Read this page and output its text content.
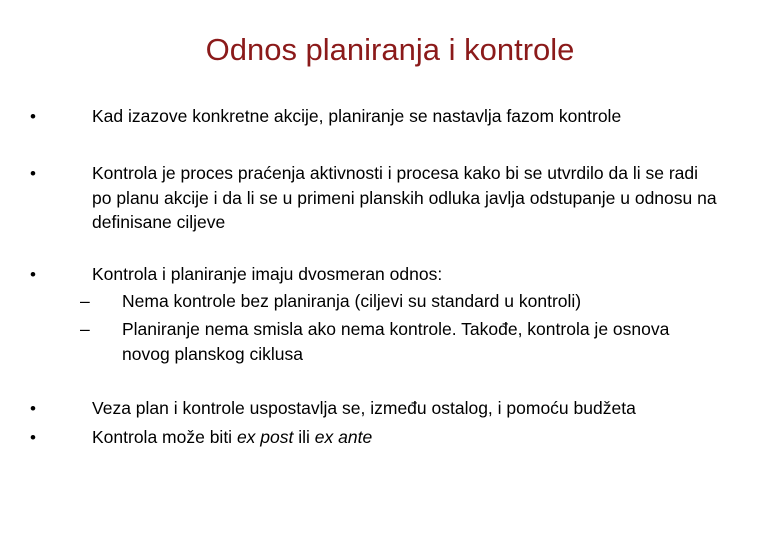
Odnos planiranja i kontrole
•	Kad izazove konkretne akcije, planiranje se nastavlja fazom kontrole
•	Kontrola je proces praćenja aktivnosti i procesa kako bi se utvrdilo da li se radi po planu akcije i da li se u primeni planskih odluka javlja odstupanje u odnosu na definisane ciljeve
•	Kontrola i planiranje imaju dvosmeran odnos:
– Nema kontrole bez planiranja (ciljevi su standard u kontroli)
– Planiranje nema smisla ako nema kontrole. Takođe, kontrola je osnova novog planskog ciklusa
•	Veza plan i kontrole uspostavlja se, između ostalog, i pomoću budžeta
•	Kontrola može biti ex post ili ex ante
